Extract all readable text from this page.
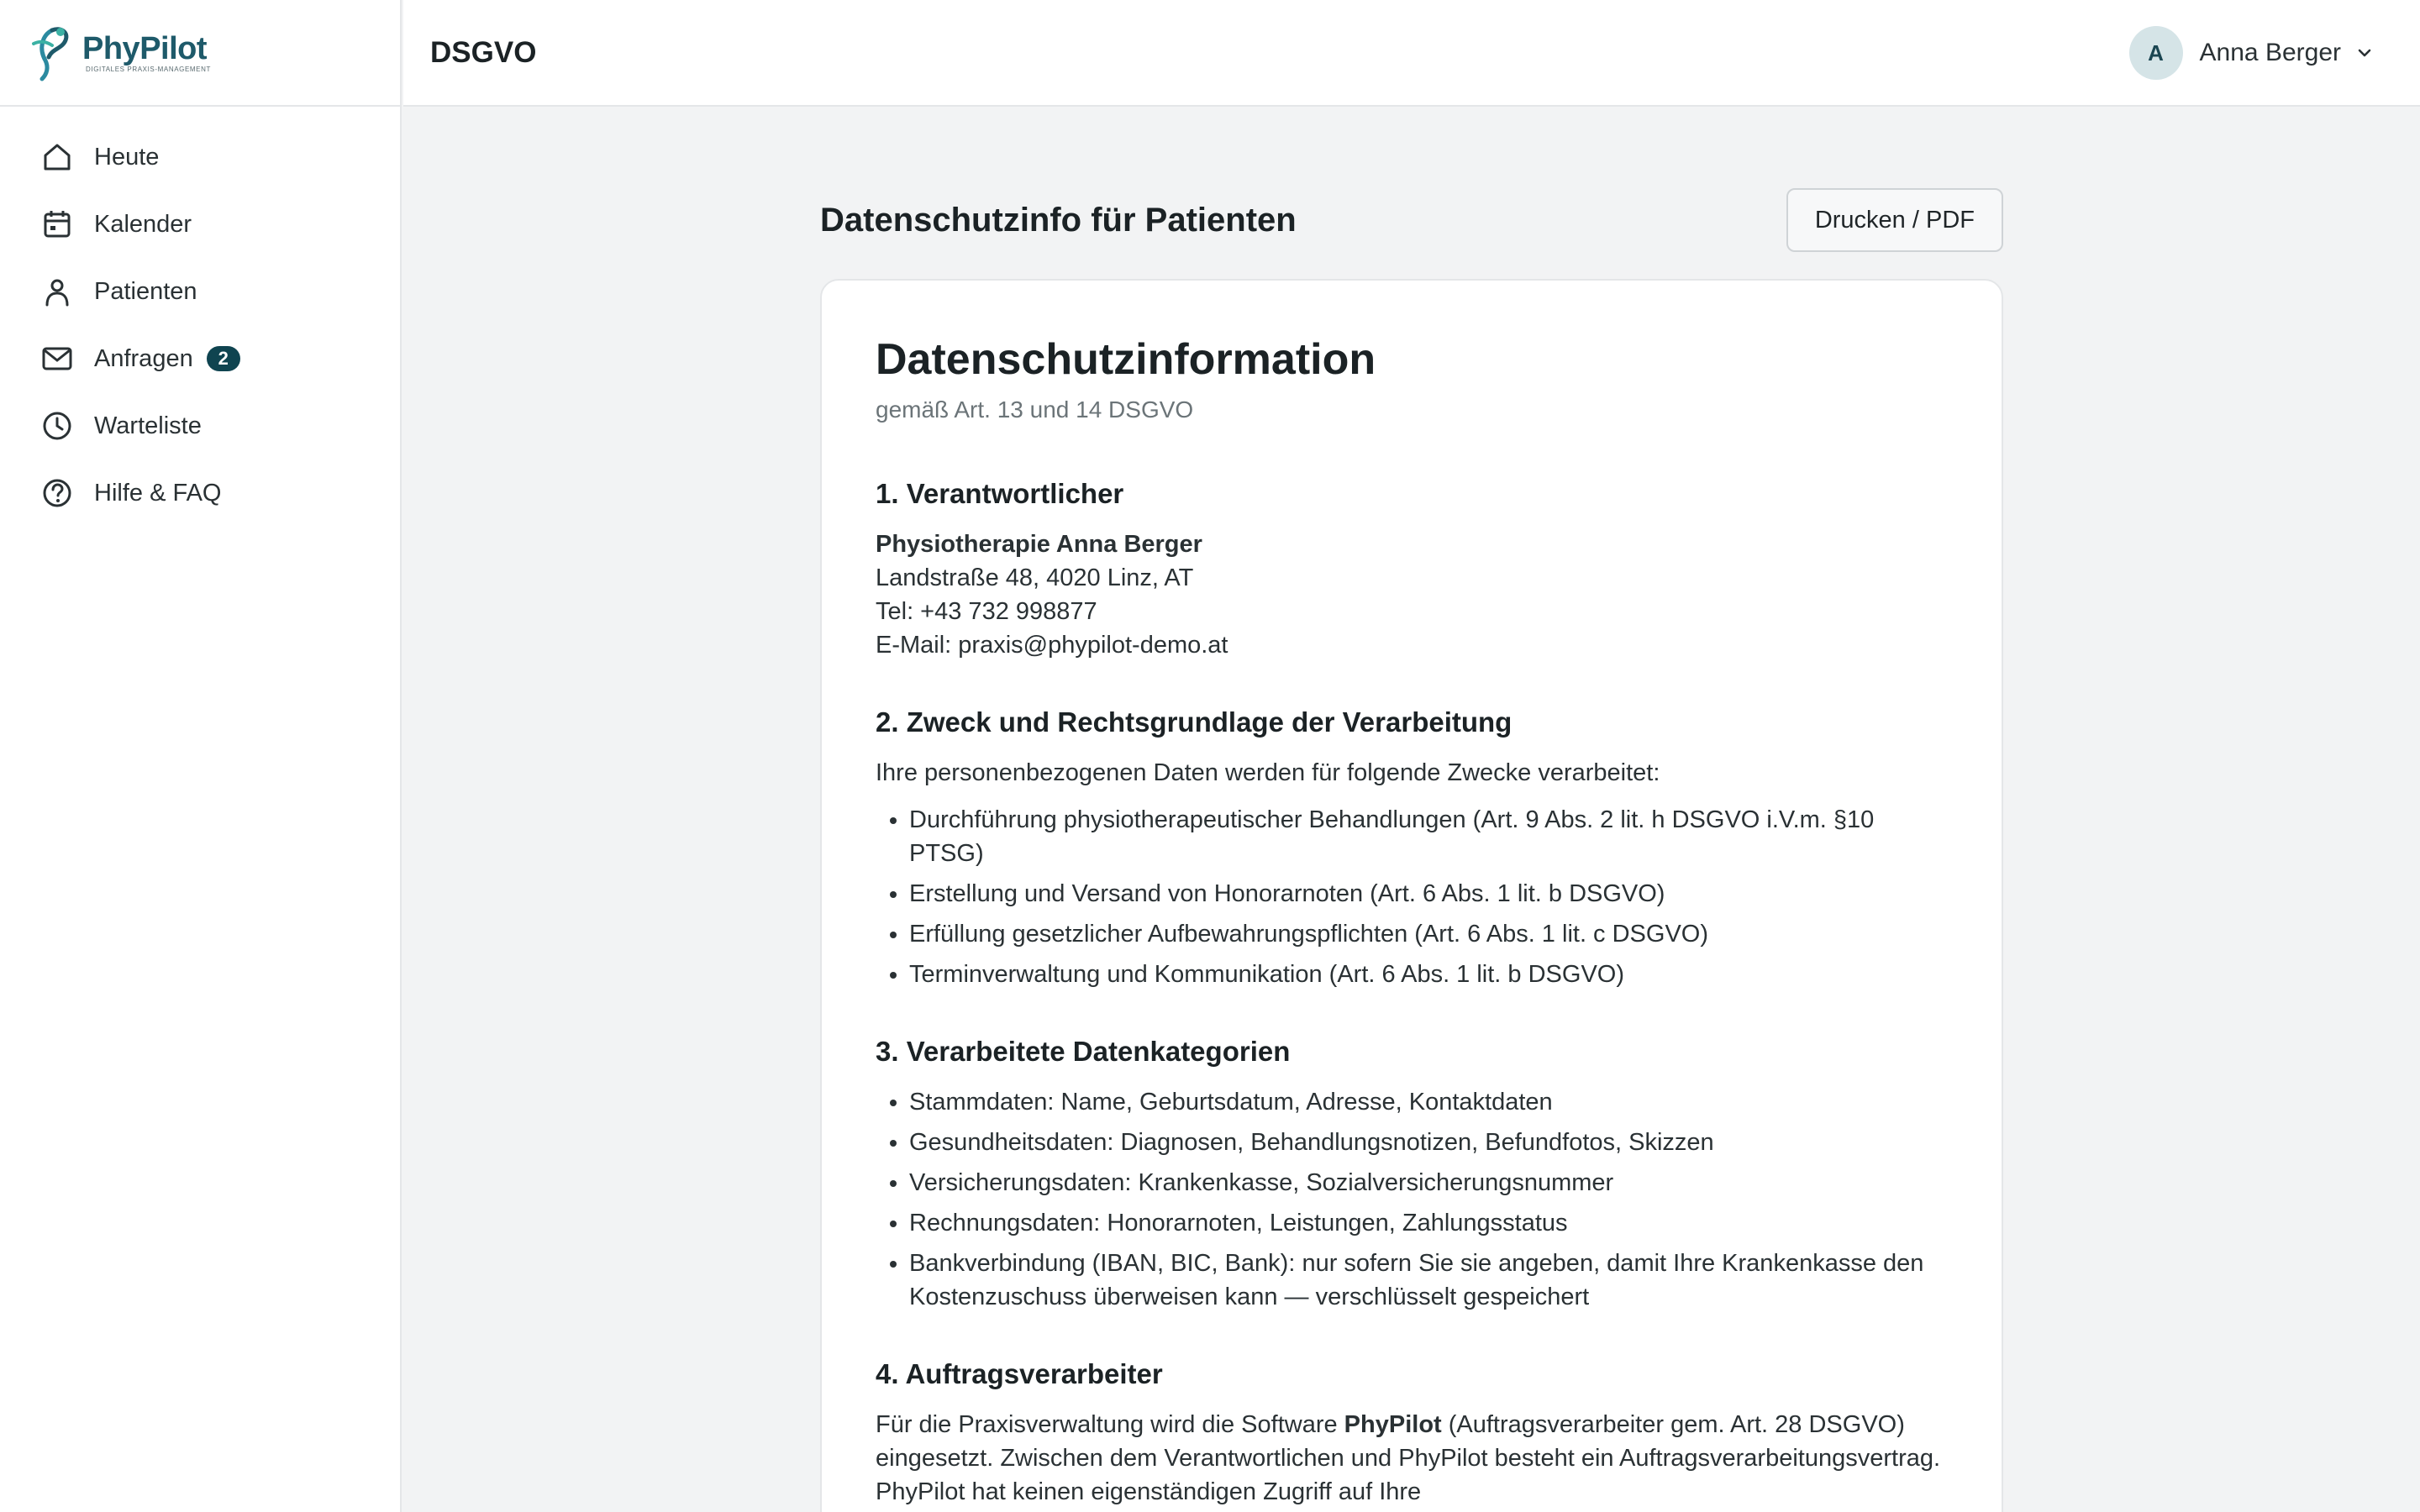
PhyPilot
DIGITALES PRAXIS-MANAGEMENT
Heute
Kalender
Patienten
Anfragen	2
Warteliste
Hilfe & FAQ
DSGVO	A	Anna Berger
Datenschutzinfo für Patienten	Drucken / PDF
Datenschutzinformation

gemäß Art. 13 und 14 DSGVO

1. Verantwortlicher
Physiotherapie Anna Berger
Landstraße 48, 4020 Linz, AT
Tel: +43 732 998877
E-Mail: praxis@phypilot-demo.at
2. Zweck und Rechtsgrundlage der Verarbeitung

Ihre personenbezogenen Daten werden für folgende Zwecke verarbeitet:

• Durchführung physiotherapeutischer Behandlungen (Art. 9 Abs. 2 lit. h DSGVO i.V.m. §10 PTSG)
• Erstellung und Versand von Honorarnoten (Art. 6 Abs. 1 lit. b DSGVO)
• Erfüllung gesetzlicher Aufbewahrungspflichten (Art. 6 Abs. 1 lit. c DSGVO)
• Terminverwaltung und Kommunikation (Art. 6 Abs. 1 lit. b DSGVO)
3. Verarbeitete Datenkategorien
• Stammdaten: Name, Geburtsdatum, Adresse, Kontaktdaten
• Gesundheitsdaten: Diagnosen, Behandlungsnotizen, Befundfotos, Skizzen
• Versicherungsdaten: Krankenkasse, Sozialversicherungsnummer
• Rechnungsdaten: Honorarnoten, Leistungen, Zahlungsstatus
• Bankverbindung (IBAN, BIC, Bank): nur sofern Sie sie angeben, damit Ihre Krankenkasse den Kostenzuschuss überweisen kann — verschlüsselt gespeichert
4. Auftragsverarbeiter

Für die Praxisverwaltung wird die Software PhyPilot (Auftragsverarbeiter gem. Art. 28 DSGVO) eingesetzt. Zwischen dem Verantwortlichen und PhyPilot besteht ein Auftragsverarbeitungsvertrag. PhyPilot hat keinen eigenständigen Zugriff auf Ihre
